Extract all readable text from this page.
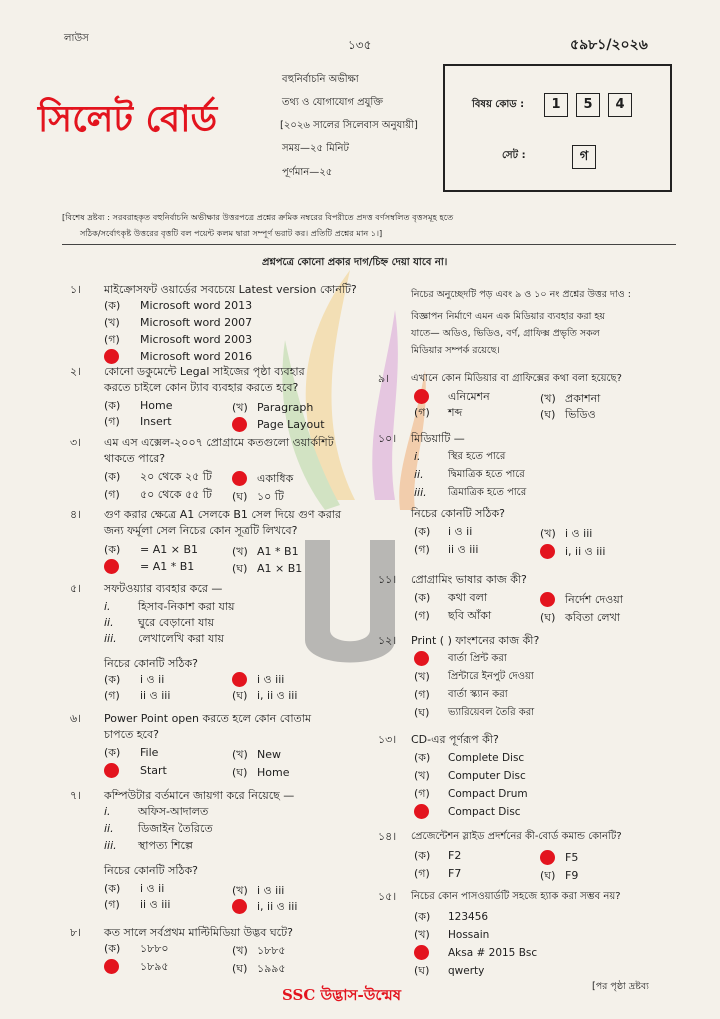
লাউস	১৩৫	৫৯৮১/২০২৬
সিলেট বোর্ড
বহুনির্বাচনি অভীক্ষা
তথ্য ও যোগাযোগ প্রযুক্তি
[২০২৬ সালের সিলেবাস অনুযায়ী]
সময়—২৫ মিনিট
পূর্ণমান—২৫
বিষয় কোড :	1	5	4
সেট :	গ
[বিশেষ দ্রষ্টব্য : সরবরাহকৃত বহুনির্বাচনি অভীক্ষার উত্তরপত্রে প্রশ্নের ক্রমিক নম্বরের বিপরীতে প্রদত্ত বর্ণসম্বলিত বৃত্তসমূহ হতে
সঠিক/সর্বোৎকৃষ্ট উত্তরের বৃত্তটি বল পয়েন্ট কলম দ্বারা সম্পূর্ণ ভরাট কর। প্রতিটি প্রশ্নের মান ১।]
প্রশ্নপত্রে কোনো প্রকার দাগ/চিহ্ন দেয়া যাবে না।
১। মাইক্রোসফট ওয়ার্ডের সবচেয়ে Latest version কোনটি?
(ক) Microsoft word 2013
(খ) Microsoft word 2007
(গ) Microsoft word 2003
Microsoft word 2016
২। কোনো ডকুমেন্টে Legal সাইজের পৃষ্ঠা ব্যবহার
করতে চাইলে কোন ট্যাব ব্যবহার করতে হবে?
(ক) Home	(খ) Paragraph
(গ) Insert	Page Layout
৩। এম এস এক্সেল-২০০৭ প্রোগ্রামে কতগুলো ওয়ার্কশিট
থাকতে পারে?
(ক) ২০ থেকে ২৫ টি	একাধিক
(গ) ৫০ থেকে ৫৫ টি (ঘ) ১০ টি
৪। গুণ করার ক্ষেত্রে A1 সেলকে B1 সেল দিয়ে গুণ করার
জন্য ফর্মূলা সেল নিচের কোন সূত্রটি লিখবে?
(ক) = A1 × B1	(খ) A1 * B1
= A1 * B1	(ঘ) A1 × B1
৫। সফটওয়্যার ব্যবহার করে —
i. হিসাব-নিকাশ করা যায়
ii. ঘুরে বেড়ানো যায়
iii. লেখালেখি করা যায়
নিচের কোনটি সঠিক?
(ক) i ও ii	i ও iii
(গ) ii ও iii	(ঘ) i, ii ও iii
৬। Power Point open করতে হলে কোন বোতাম
চাপতে হবে?
(ক) File	(খ) New
Start	(ঘ) Home
৭। কম্পিউটার বর্তমানে জায়গা করে নিয়েছে —
i. অফিস-আদালত
ii. ডিজাইন তৈরিতে
iii. স্থাপত্য শিল্পে
নিচের কোনটি সঠিক?
(ক) i ও ii	(খ) i ও iii
(গ) ii ও iii	i, ii ও iii
৮। কত সালে সর্বপ্রথম মাল্টিমিডিয়া উদ্ভব ঘটে?
(ক) ১৮৮০	(খ) ১৮৮৫
১৮৯৫	(ঘ) ১৯৯৫
নিচের অনুচ্ছেদটি পড় এবং ৯ ও ১০ নং প্রশ্নের উত্তর দাও :
বিজ্ঞাপন নির্মাণে এমন এক মিডিয়ার ব্যবহার করা হয়
যাতে— অডিও, ভিডিও, বর্ণ, গ্রাফিক্স প্রভৃতি সকল
মিডিয়ার সম্পর্ক রয়েছে।
৯। এখানে কোন মিডিয়ার বা গ্রাফিক্সের কথা বলা হয়েছে?
এনিমেশন	(খ) প্রকাশনা
(গ) শব্দ	(ঘ) ভিডিও
১০। মিডিয়াটি —
i.	স্থির হতে পারে
ii. দ্বিমাত্রিক হতে পারে
iii. ত্রিমাত্রিক হতে পারে
নিচের কোনটি সঠিক?
(ক) i ও ii	(খ) i ও iii
(গ) ii ও iii	i, ii ও iii
১১। প্রোগ্রামিং ভাষার কাজ কী?
(ক) কথা বলা	নির্দেশ দেওয়া
(গ) ছবি আঁকা	(ঘ) কবিতা লেখা
১২। Print ( ) ফাংশনের কাজ কী?
বার্তা প্রিন্ট করা
(খ) প্রিন্টারে ইনপুট দেওয়া
(গ) বার্তা স্ক্যান করা
(ঘ) ভ্যারিয়েবল তৈরি করা
১৩। CD-এর পূর্ণরূপ কী?
(ক) Complete Disc
(খ) Computer Disc
(গ) Compact Drum
Compact Disc
১৪। প্রেজেন্টেশন স্লাইড প্রদর্শনের কী-বোর্ড কমান্ড কোনটি?
(ক) F2	F5
(গ) F7	(ঘ) F9
১৫। নিচের কোন পাসওয়ার্ডটি সহজে হ্যাক করা সম্ভব নয়?
(ক) 123456
(খ) Hossain
Aksa # 2015 Bsc
(ঘ) qwerty
SSC উদ্ভাস-উন্মেষ	[পর পৃষ্ঠা দ্রষ্টব্য
